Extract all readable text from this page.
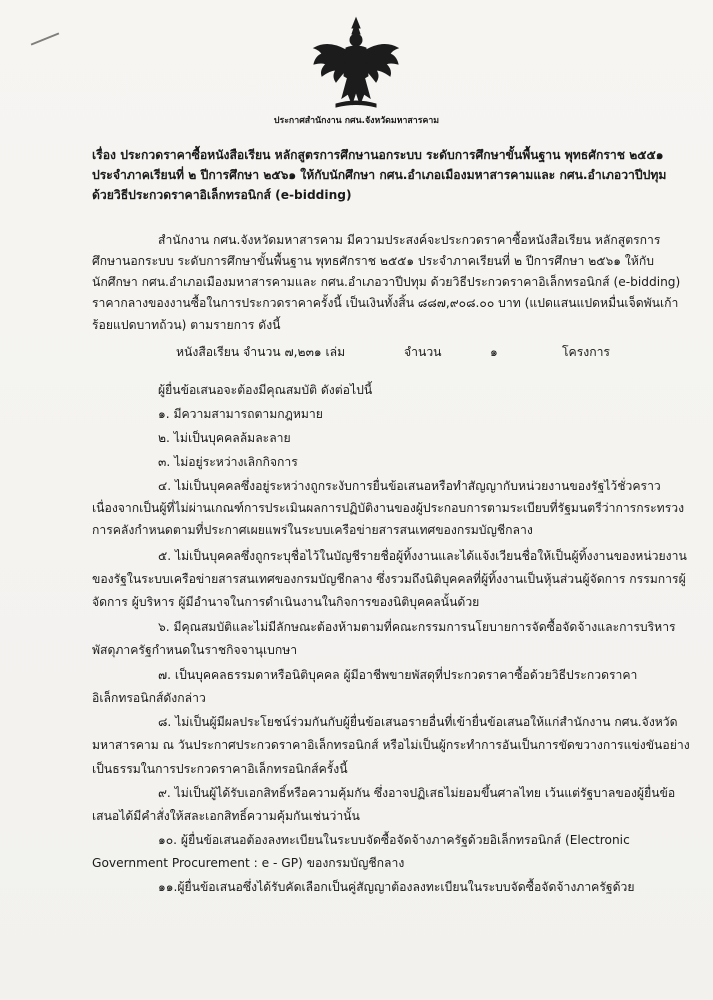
ประกาศสำนักงาน กศน.จังหวัดมหาสารคาม
เรื่อง ประกวดราคาซื้อหนังสือเรียน หลักสูตรการศึกษานอกระบบ ระดับการศึกษาขั้นพื้นฐาน พุทธศักราช ๒๕๕๑
ประจำภาคเรียนที่ ๒ ปีการศึกษา ๒๕๖๑ ให้กับนักศึกษา กศน.อำเภอเมืองมหาสารคามและ กศน.อำเภอวาปีปทุม
ด้วยวิธีประกวดราคาอิเล็กทรอนิกส์ (e-bidding)
สำนักงาน กศน.จังหวัดมหาสารคาม มีความประสงค์จะประกวดราคาซื้อหนังสือเรียน หลักสูตรการ
ศึกษานอกระบบ ระดับการศึกษาขั้นพื้นฐาน พุทธศักราช ๒๕๕๑ ประจำภาคเรียนที่ ๒ ปีการศึกษา ๒๕๖๑ ให้กับ
นักศึกษา กศน.อำเภอเมืองมหาสารคามและ กศน.อำเภอวาปีปทุม ด้วยวิธีประกวดราคาอิเล็กทรอนิกส์ (e-bidding)
ราคากลางของงานซื้อในการประกวดราคาครั้งนี้ เป็นเงินทั้งสิ้น ๘๘๗,๙๐๘.๐๐ บาท (แปดแสนแปดหมื่นเจ็ดพันเก้า
ร้อยแปดบาทถ้วน) ตามรายการ ดังนี้
หนังสือเรียน จำนวน ๗,๒๓๑ เล่ม	จำนวน	๑	โครงการ
ผู้ยื่นข้อเสนอจะต้องมีคุณสมบัติ ดังต่อไปนี้
๑. มีความสามารถตามกฎหมาย
๒. ไม่เป็นบุคคลล้มละลาย
๓. ไม่อยู่ระหว่างเลิกกิจการ
๔. ไม่เป็นบุคคลซึ่งอยู่ระหว่างถูกระงับการยื่นข้อเสนอหรือทำสัญญากับหน่วยงานของรัฐไว้ชั่วคราว
เนื่องจากเป็นผู้ที่ไม่ผ่านเกณฑ์การประเมินผลการปฏิบัติงานของผู้ประกอบการตามระเบียบที่รัฐมนตรีว่าการกระทรวง
การคลังกำหนดตามที่ประกาศเผยแพร่ในระบบเครือข่ายสารสนเทศของกรมบัญชีกลาง
๕. ไม่เป็นบุคคลซึ่งถูกระบุชื่อไว้ในบัญชีรายชื่อผู้ทิ้งงานและได้แจ้งเวียนชื่อให้เป็นผู้ทิ้งงานของหน่วยงาน
ของรัฐในระบบเครือข่ายสารสนเทศของกรมบัญชีกลาง ซึ่งรวมถึงนิติบุคคลที่ผู้ทิ้งงานเป็นหุ้นส่วนผู้จัดการ กรรมการผู้
จัดการ ผู้บริหาร ผู้มีอำนาจในการดำเนินงานในกิจการของนิติบุคคลนั้นด้วย
๖. มีคุณสมบัติและไม่มีลักษณะต้องห้ามตามที่คณะกรรมการนโยบายการจัดซื้อจัดจ้างและการบริหาร
พัสดุภาครัฐกำหนดในราชกิจจานุเบกษา
๗. เป็นบุคคลธรรมดาหรือนิติบุคคล ผู้มีอาชีพขายพัสดุที่ประกวดราคาซื้อด้วยวิธีประกวดราคา
อิเล็กทรอนิกส์ดังกล่าว
๘. ไม่เป็นผู้มีผลประโยชน์ร่วมกันกับผู้ยื่นข้อเสนอรายอื่นที่เข้ายื่นข้อเสนอให้แก่สำนักงาน กศน.จังหวัด
มหาสารคาม ณ วันประกาศประกวดราคาอิเล็กทรอนิกส์ หรือไม่เป็นผู้กระทำการอันเป็นการขัดขวางการแข่งขันอย่าง
เป็นธรรมในการประกวดราคาอิเล็กทรอนิกส์ครั้งนี้
๙. ไม่เป็นผู้ได้รับเอกสิทธิ์หรือความคุ้มกัน ซึ่งอาจปฏิเสธไม่ยอมขึ้นศาลไทย เว้นแต่รัฐบาลของผู้ยื่นข้อ
เสนอได้มีคำสั่งให้สละเอกสิทธิ์ความคุ้มกันเช่นว่านั้น
๑๐. ผู้ยื่นข้อเสนอต้องลงทะเบียนในระบบจัดซื้อจัดจ้างภาครัฐด้วยอิเล็กทรอนิกส์ (Electronic
Government Procurement : e - GP) ของกรมบัญชีกลาง
๑๑.ผู้ยื่นข้อเสนอซึ่งได้รับคัดเลือกเป็นคู่สัญญาต้องลงทะเบียนในระบบจัดซื้อจัดจ้างภาครัฐด้วย
